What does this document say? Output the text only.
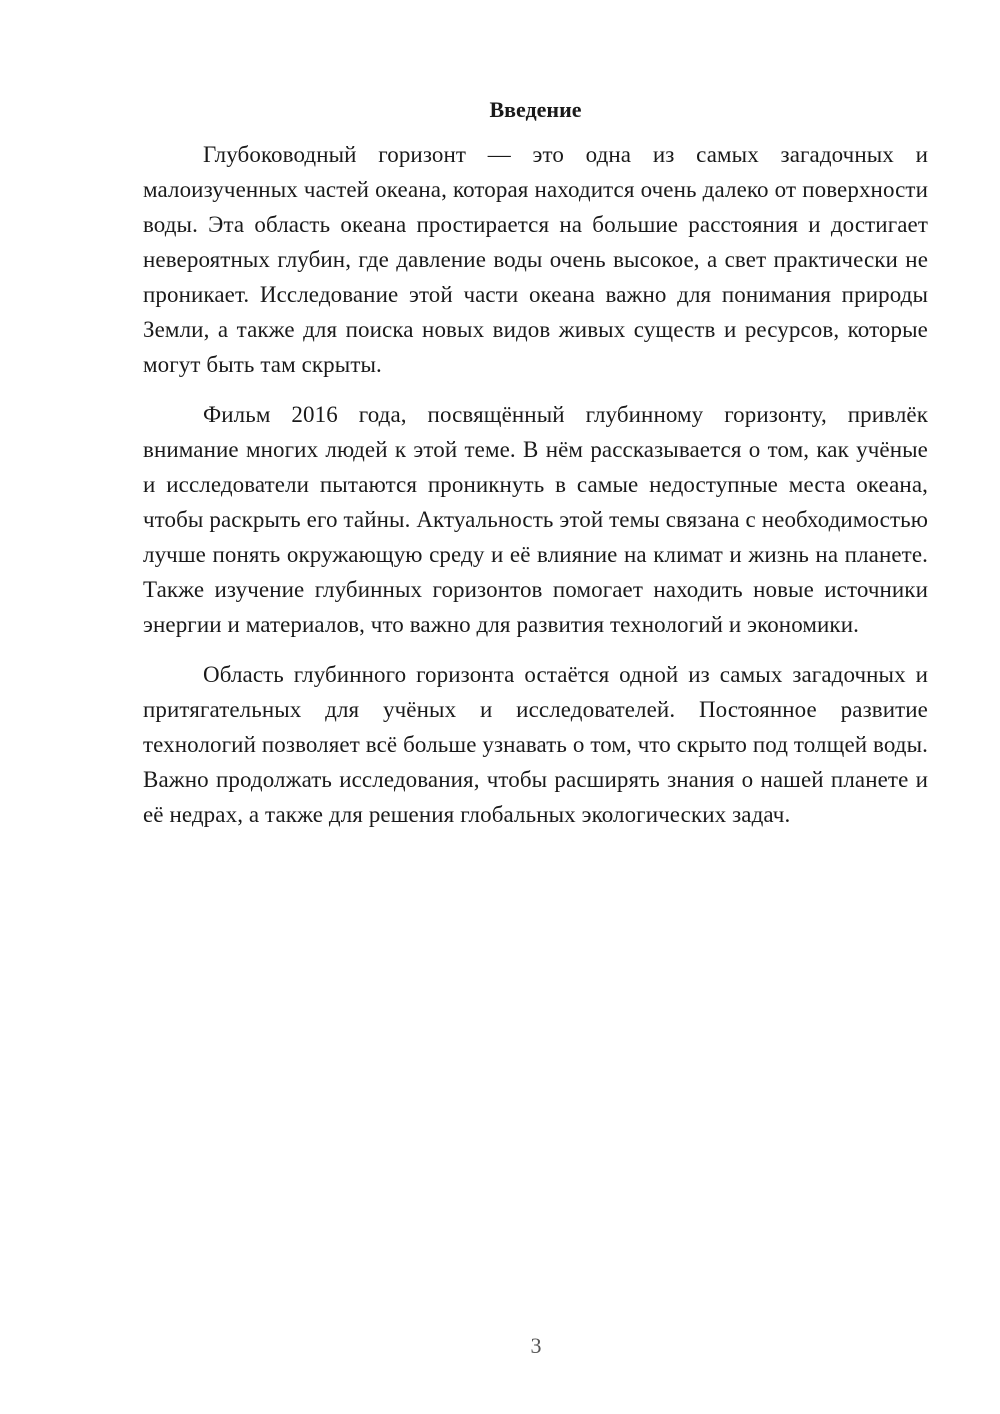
Введение

Глубоководный горизонт — это одна из самых загадочных и малоизученных частей океана, которая находится очень далеко от поверхности воды. Эта область океана простирается на большие расстояния и достигает невероятных глубин, где давление воды очень высокое, а свет практически не проникает. Исследование этой части океана важно для понимания природы Земли, а также для поиска новых видов живых существ и ресурсов, которые могут быть там скрыты.

Фильм 2016 года, посвящённый глубинному горизонту, привлёк внимание многих людей к этой теме. В нём рассказывается о том, как учёные и исследователи пытаются проникнуть в самые недоступные места океана, чтобы раскрыть его тайны. Актуальность этой темы связана с необходимостью лучше понять окружающую среду и её влияние на климат и жизнь на планете. Также изучение глубинных горизонтов помогает находить новые источники энергии и материалов, что важно для развития технологий и экономики.

Область глубинного горизонта остаётся одной из самых загадочных и притягательных для учёных и исследователей. Постоянное развитие технологий позволяет всё больше узнавать о том, что скрыто под толщей воды. Важно продолжать исследования, чтобы расширять знания о нашей планете и её недрах, а также для решения глобальных экологических задач.

3
